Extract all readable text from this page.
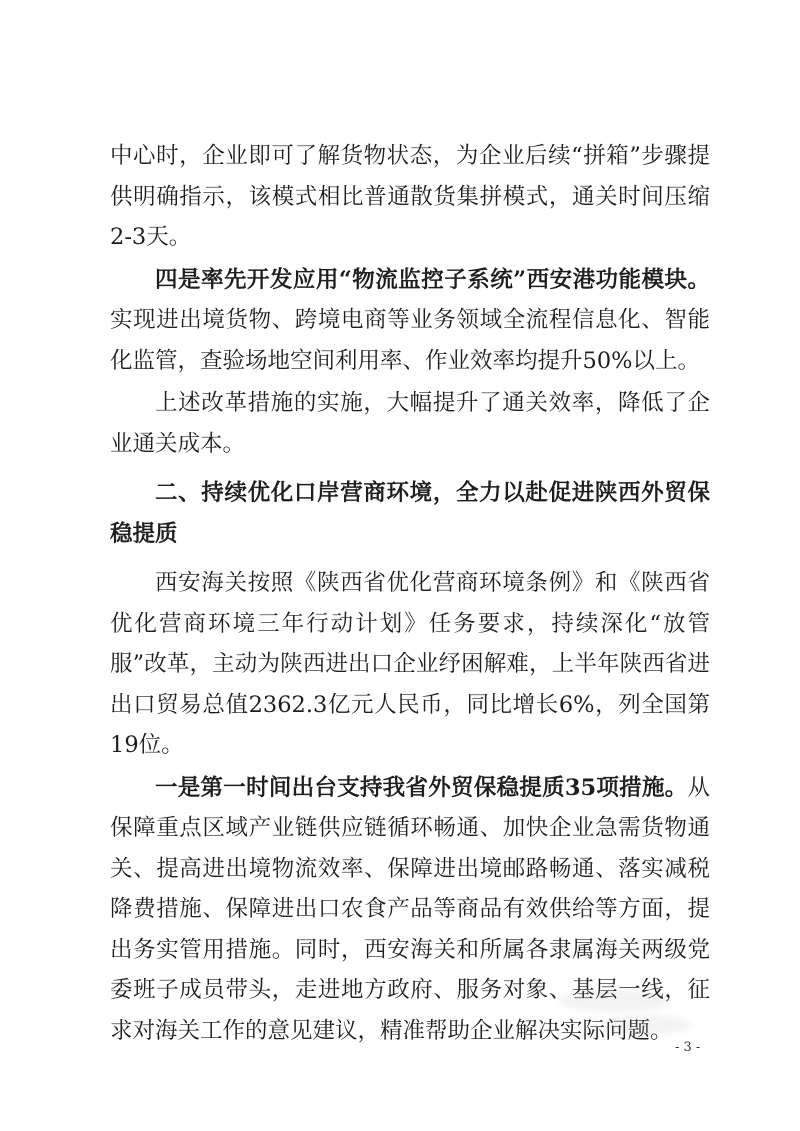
中心时，企业即可了解货物状态，为企业后续“拼箱”步骤提供明确指示，该模式相比普通散货集拼模式，通关时间压缩2-3天。

四是率先开发应用“物流监控子系统”西安港功能模块。实现进出境货物、跨境电商等业务领域全流程信息化、智能化监管，查验场地空间利用率、作业效率均提升50%以上。

上述改革措施的实施，大幅提升了通关效率，降低了企业通关成本。

二、持续优化口岸营商环境，全力以赴促进陕西外贸保稳提质

西安海关按照《陕西省优化营商环境条例》和《陕西省优化营商环境三年行动计划》任务要求，持续深化“放管服”改革，主动为陕西进出口企业纾困解难，上半年陕西省进出口贸易总值2362.3亿元人民币，同比增长6%，列全国第19位。

一是第一时间出台支持我省外贸保稳提质35项措施。从保障重点区域产业链供应链循环畅通、加快企业急需货物通关、提高进出境物流效率、保障进出境邮路畅通、落实减税降费措施、保障进出口农食产品等商品有效供给等方面，提出务实管用措施。同时，西安海关和所属各隶属海关两级党委班子成员带头，走进地方政府、服务对象、基层一线，征求对海关工作的意见建议，精准帮助企业解决实际问题。

- 3 -
